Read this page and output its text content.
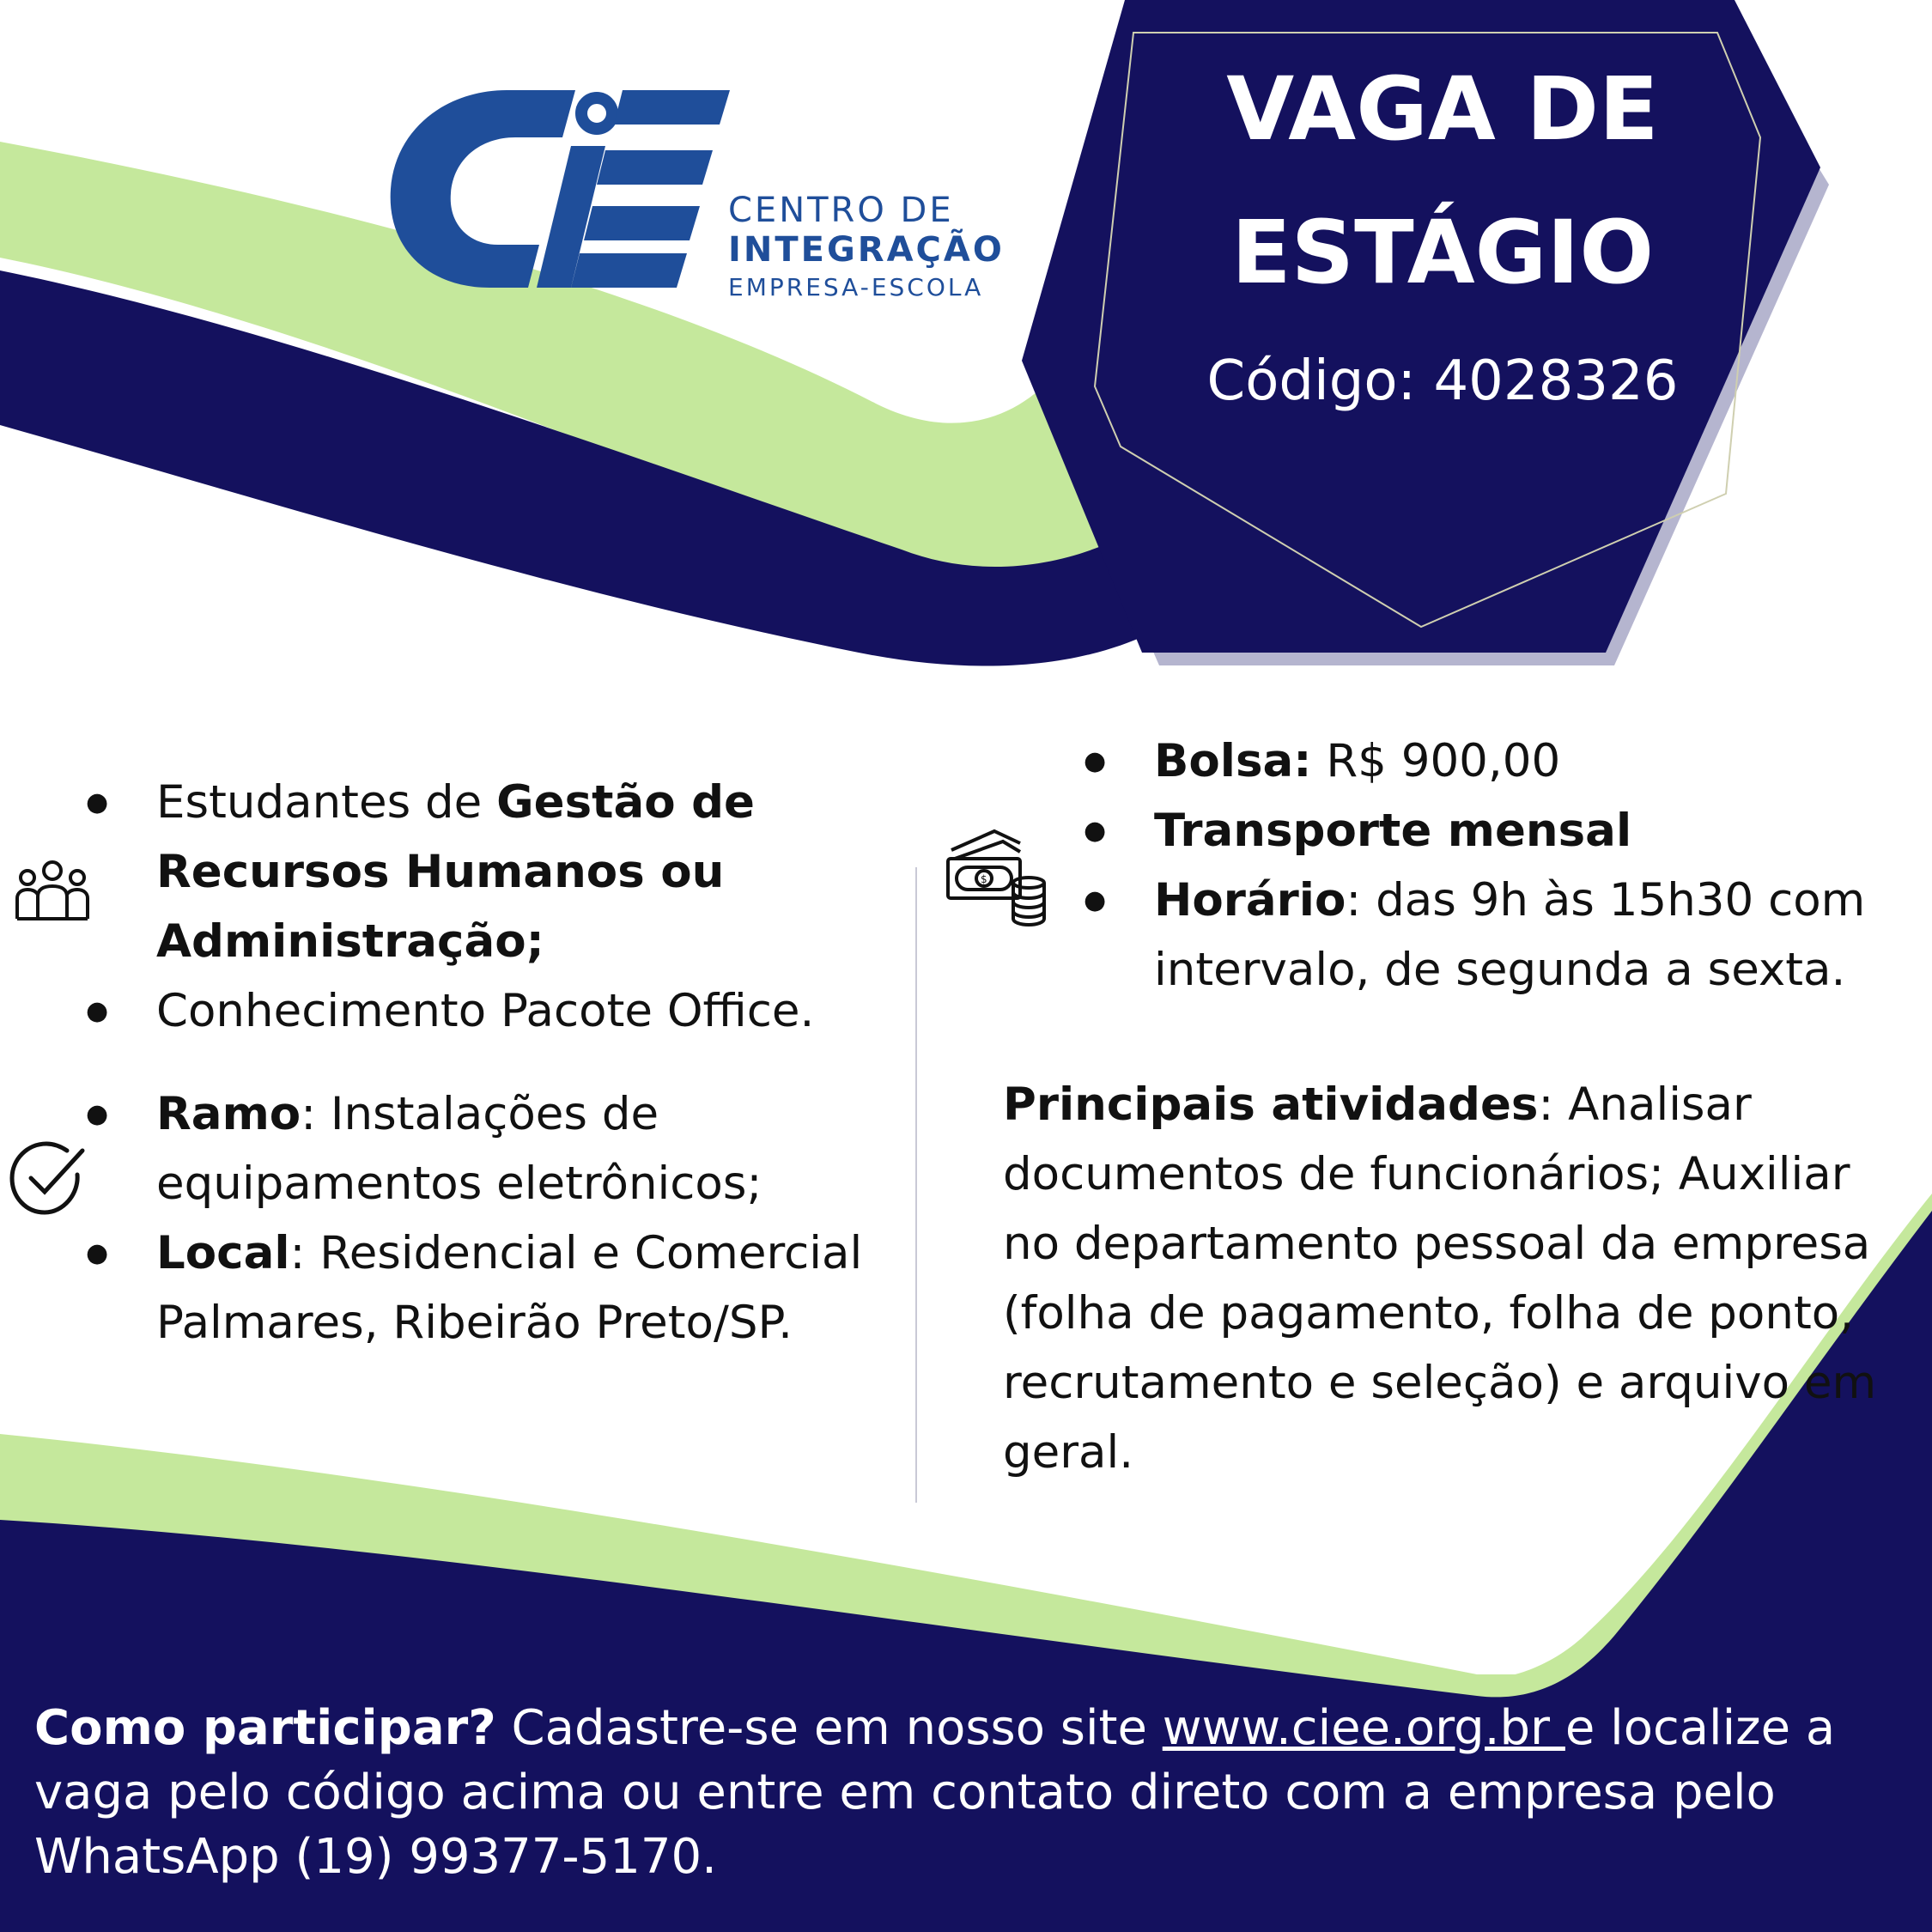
CENTRO DE
INTEGRAÇÃO
EMPRESA-ESCOLA
VAGA DE
ESTÁGIO
Código: 4028326
$
● Estudantes de Gestão de Recursos Humanos ou Administração;
● Conhecimento Pacote Office.
● Ramo: Instalações de equipamentos eletrônicos;
● Local: Residencial e Comercial Palmares, Ribeirão Preto/SP.
● Bolsa: R$ 900,00
● Transporte mensal
● Horário: das 9h às 15h30 com intervalo, de segunda a sexta.
Principais atividades: Analisar documentos de funcionários; Auxiliar no departamento pessoal da empresa (folha de pagamento, folha de ponto, recrutamento e seleção) e arquivo em geral.
Como participar? Cadastre-se em nosso site www.ciee.org.br e localize a vaga pelo código acima ou entre em contato direto com a empresa pelo WhatsApp (19) 99377-5170.
